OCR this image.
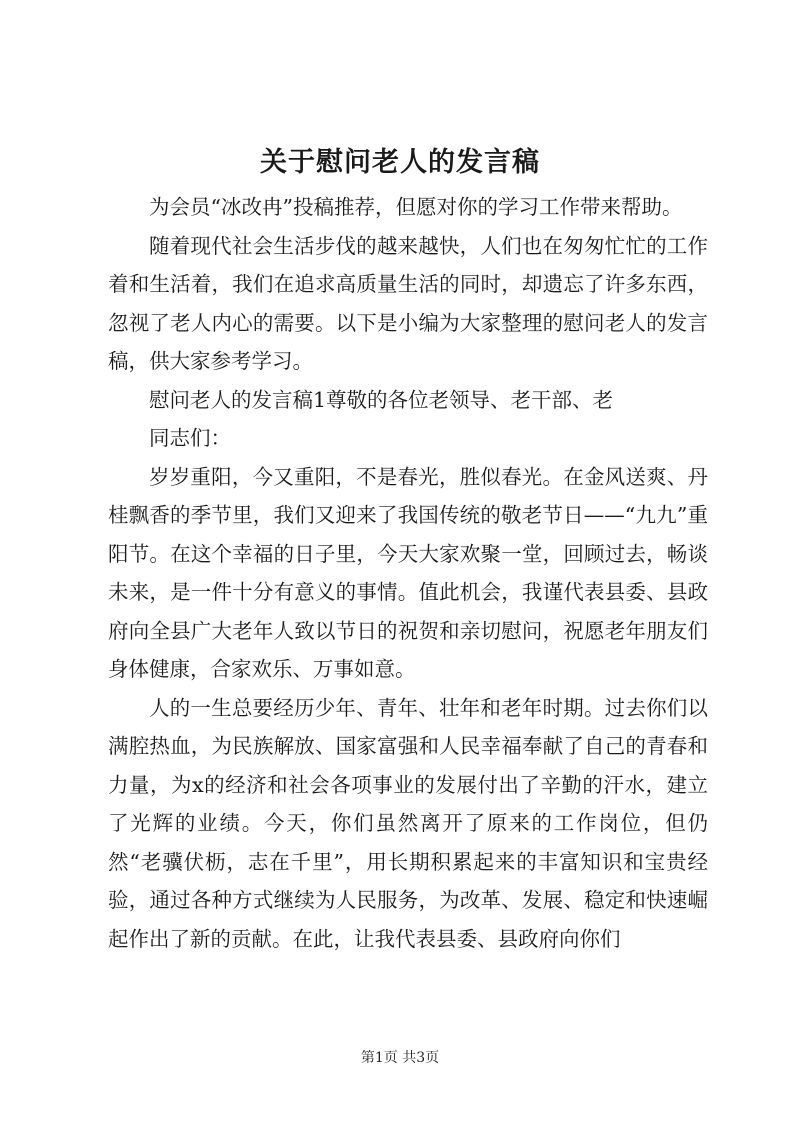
关于慰问老人的发言稿

为会员“冰改冉”投稿推荐，但愿对你的学习工作带来帮助。

随着现代社会生活步伐的越来越快，人们也在匆匆忙忙的工作着和生活着，我们在追求高质量生活的同时，却遗忘了许多东西，忽视了老人内心的需要。以下是小编为大家整理的慰问老人的发言稿，供大家参考学习。

慰问老人的发言稿1尊敬的各位老领导、老干部、老

同志们：

岁岁重阳，今又重阳，不是春光，胜似春光。在金风送爽、丹桂飘香的季节里，我们又迎来了我国传统的敬老节日——“九九”重阳节。在这个幸福的日子里，今天大家欢聚一堂，回顾过去，畅谈未来，是一件十分有意义的事情。值此机会，我谨代表县委、县政府向全县广大老年人致以节日的祝贺和亲切慰问，祝愿老年朋友们身体健康，合家欢乐、万事如意。

人的一生总要经历少年、青年、壮年和老年时期。过去你们以满腔热血，为民族解放、国家富强和人民幸福奉献了自己的青春和力量，为x的经济和社会各项事业的发展付出了辛勤的汗水，建立了光辉的业绩。今天，你们虽然离开了原来的工作岗位，但仍然“老骥伏枥，志在千里”，用长期积累起来的丰富知识和宝贵经验，通过各种方式继续为人民服务，为改革、发展、稳定和快速崛起作出了新的贡献。在此，让我代表县委、县政府向你们

第1页 共3页
